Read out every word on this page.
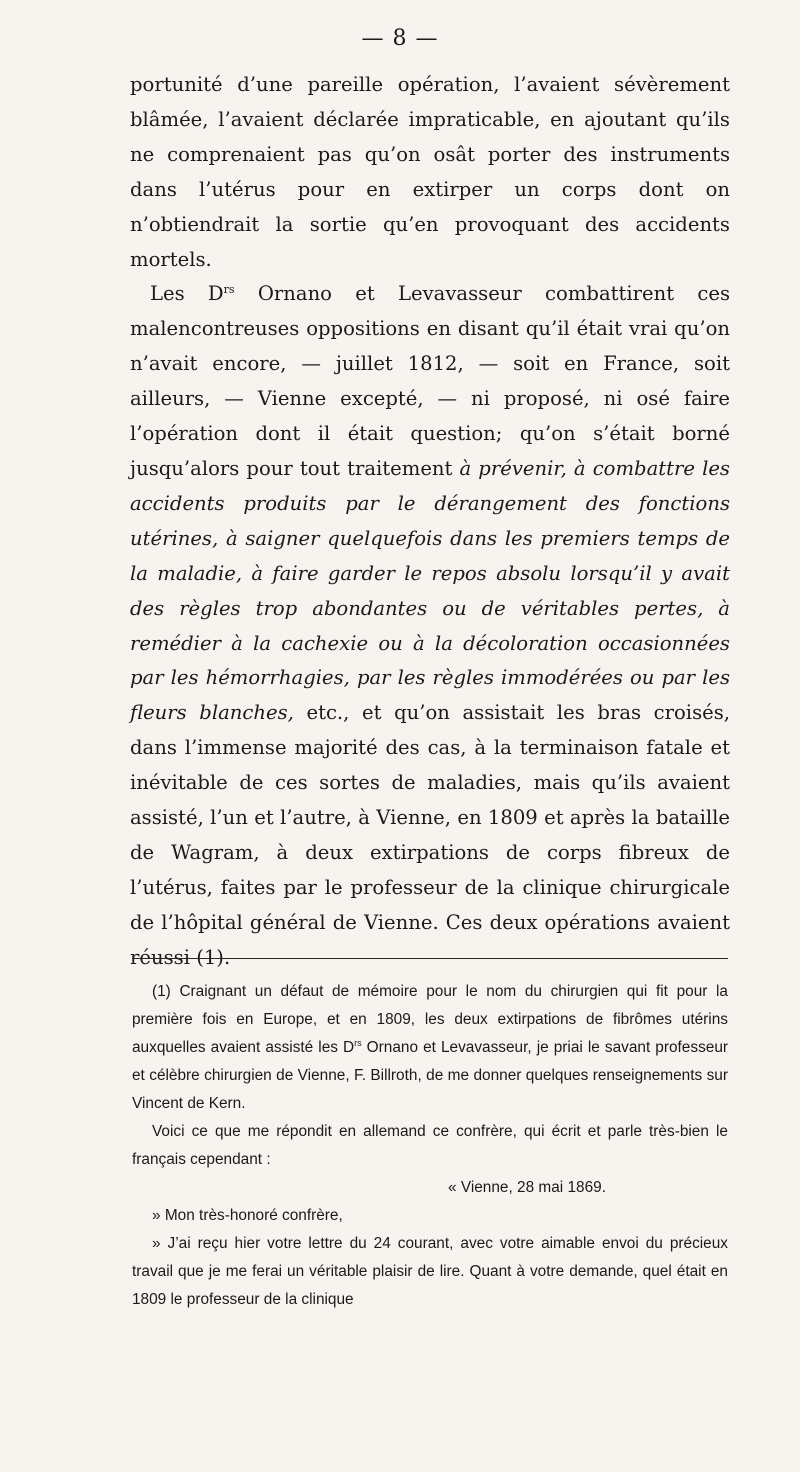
— 8 —

portunité d’une pareille opération, l’avaient sévèrement blâmée, l’avaient déclarée impraticable, en ajoutant qu’ils ne comprenaient pas qu’on osât porter des instruments dans l’utérus pour en extirper un corps dont on n’obtiendrait la sortie qu’en provoquant des accidents mortels.

Les $D^{rs}$ Ornano et Levavasseur combattirent ces malencontreuses oppositions en disant qu’il était vrai qu’on n’avait encore, — juillet 1812, — soit en France, soit ailleurs, — Vienne excepté, — ni proposé, ni osé faire l’opération dont il était question; qu’on s’était borné jusqu’alors pour tout traitement à prévenir, à combattre les accidents produits par le dérangement des fonctions utérines, à saigner quelquefois dans les premiers temps de la maladie, à faire garder le repos absolu lorsqu’il y avait des règles trop abondantes ou de véritables pertes, à remédier à la cachexie ou à la décoloration occasionnées par les hémorrhagies, par les règles immodérées ou par les fleurs blanches, etc., et qu’on assistait les bras croisés, dans l’immense majorité des cas, à la terminaison fatale et inévitable de ces sortes de maladies, mais qu’ils avaient assisté, l’un et l’autre, à Vienne, en 1809 et après la bataille de Wagram, à deux extirpations de corps fibreux de l’utérus, faites par le professeur de la clinique chirurgicale de l’hôpital général de Vienne. Ces deux opérations avaient réussi (1).

(1) Craignant un défaut de mémoire pour le nom du chirurgien qui fit pour la première fois en Europe, et en 1809, les deux extirpations de fibrômes utérins auxquelles avaient assisté les $D^{rs}$ Ornano et Levavasseur, je priai le savant professeur et célèbre chirurgien de Vienne, F. Billroth, de me donner quelques renseignements sur Vincent de Kern.

Voici ce que me répondit en allemand ce confrère, qui écrit et parle très-bien le français cependant :

« Vienne, 28 mai 1869.

» Mon très-honoré confrère,

» J’ai reçu hier votre lettre du 24 courant, avec votre aimable envoi du précieux travail que je me ferai un véritable plaisir de lire. Quant à votre demande, quel était en 1809 le professeur de la clinique
